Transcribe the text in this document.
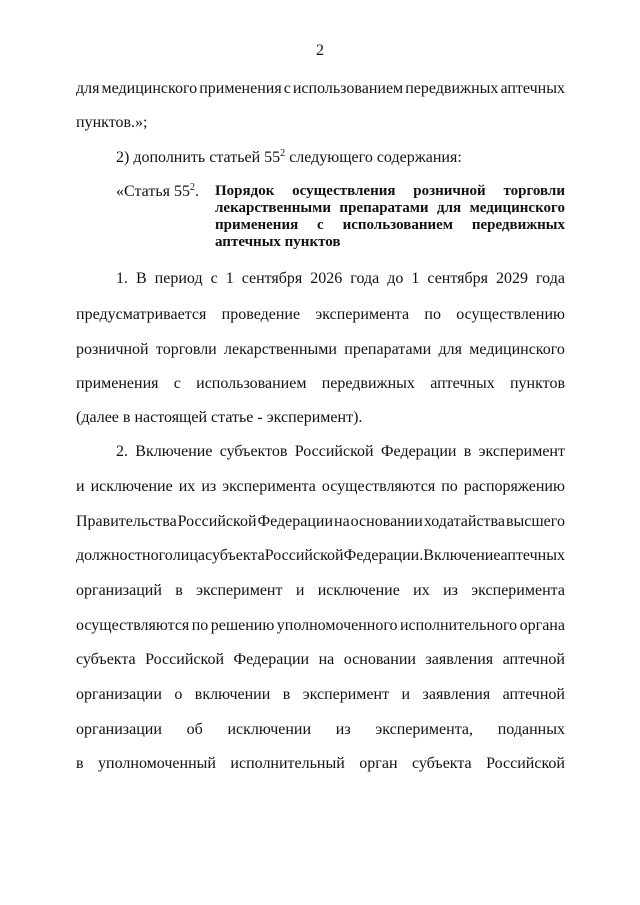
2
для медицинского применения с использованием передвижных аптечных
пунктов.»;
2) дополнить статьей $55^2$ следующего содержания:
«Статья $55^2$. Порядок осуществления розничной торговли
лекарственными препаратами для медицинского
применения с использованием передвижных
аптечных пунктов
1. В период с 1 сентября 2026 года до 1 сентября 2029 года
предусматривается проведение эксперимента по осуществлению
розничной торговли лекарственными препаратами для медицинского
применения с использованием передвижных аптечных пунктов
(далее в настоящей статье - эксперимент).
2. Включение субъектов Российской Федерации в эксперимент
и исключение их из эксперимента осуществляются по распоряжению
Правительства Российской Федерации на основании ходатайства высшего
должностного лица субъекта Российской Федерации. Включение аптечных
организаций в эксперимент и исключение их из эксперимента
осуществляются по решению уполномоченного исполнительного органа
субъекта Российской Федерации на основании заявления аптечной
организации о включении в эксперимент и заявления аптечной
организации об исключении из эксперимента, поданных
в уполномоченный исполнительный орган субъекта Российской
